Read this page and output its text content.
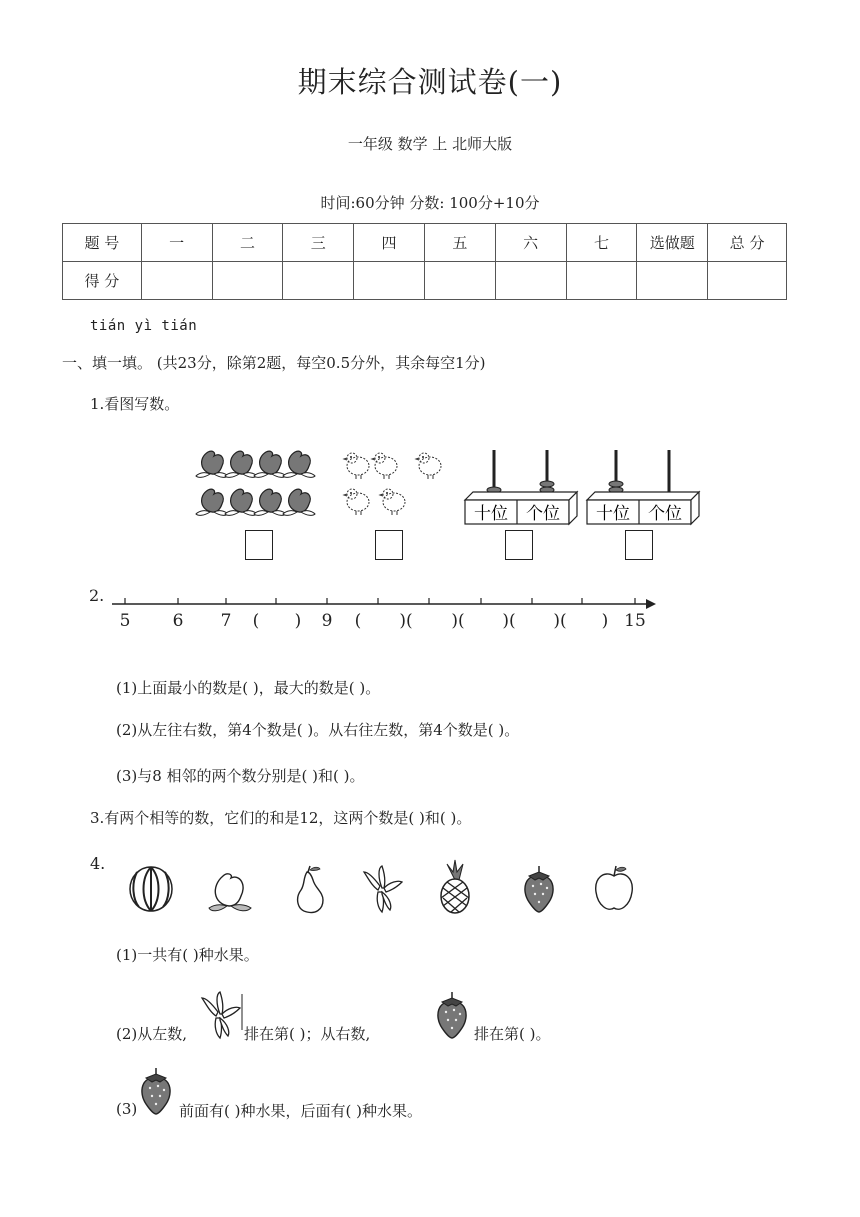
期末综合测试卷(一)
一年级 数学 上 北师大版
时间:60分钟 分数: 100分+10分
题 号	一	二	三	四	五	六	七	选做题	总 分
得 分									
tián yì tián
一、填一填。 (共23分，除第2题，每空0.5分外，其余每空1分)
1.看图写数。
十位 个位 十位 个位
2.
5 6 7 ( ) 9 ( )( )( )( )( ) 15
(1)上面最小的数是( )，最大的数是( )。
(2)从左往右数，第4个数是( )。从右往左数，第4个数是( )。
(3)与8 相邻的两个数分别是( )和( )。
3.有两个相等的数，它们的和是12，这两个数是( )和( )。
4.
(1)一共有( )种水果。
(2)从左数,	排在第( )；从右数,	排在第( )。
(3)	前面有( )种水果，后面有( )种水果。
